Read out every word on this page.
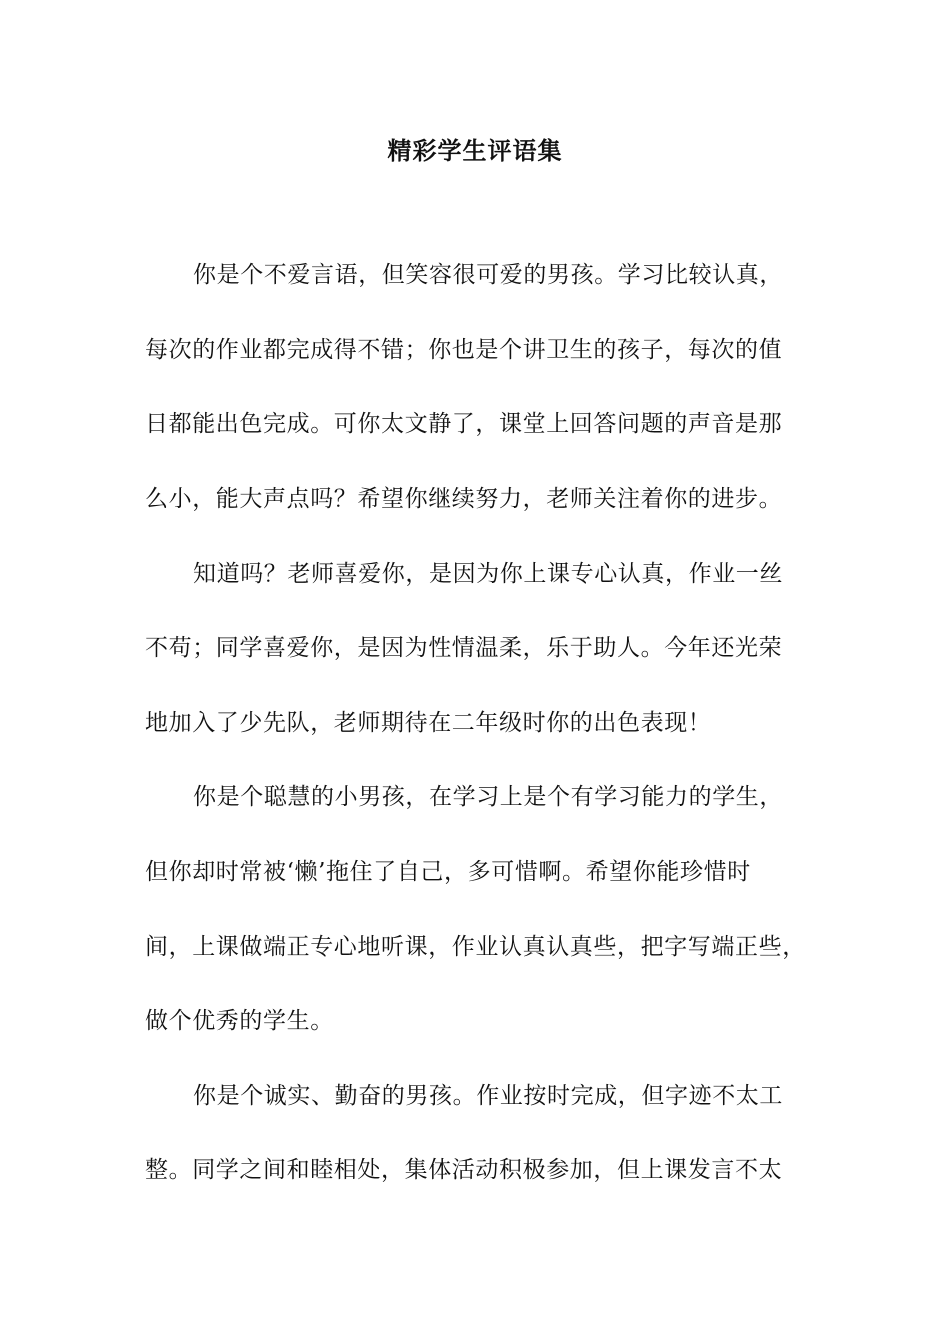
精彩学生评语集

你是个不爱言语，但笑容很可爱的男孩。学习比较认真，

每次的作业都完成得不错；你也是个讲卫生的孩子，每次的值

日都能出色完成。可你太文静了，课堂上回答问题的声音是那

么小，能大声点吗？希望你继续努力，老师关注着你的进步。

知道吗？老师喜爱你，是因为你上课专心认真，作业一丝

不苟；同学喜爱你，是因为性情温柔，乐于助人。今年还光荣

地加入了少先队，老师期待在二年级时你的出色表现！

你是个聪慧的小男孩，在学习上是个有学习能力的学生，

但你却时常被‘懒’拖住了自己，多可惜啊。希望你能珍惜时

间，上课做端正专心地听课，作业认真认真些，把字写端正些，

做个优秀的学生。

你是个诚实、勤奋的男孩。作业按时完成，但字迹不太工

整。同学之间和睦相处，集体活动积极参加，但上课发言不太
